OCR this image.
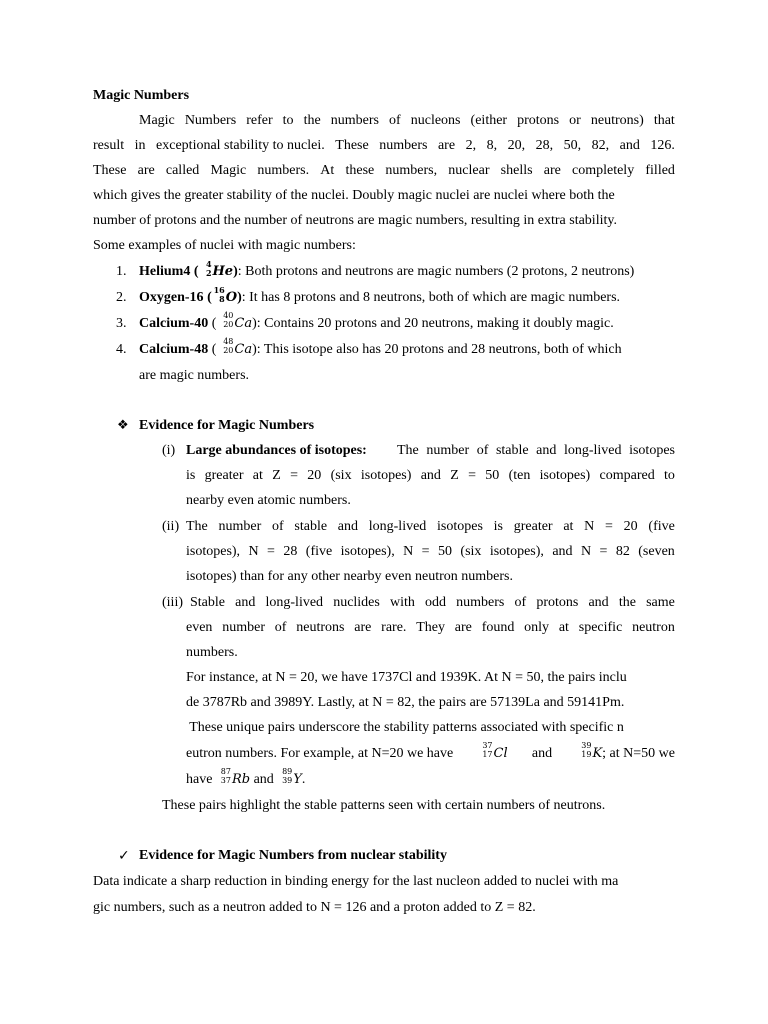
Magic Numbers
Magic Numbers refer to the numbers of nucleons (either protons or neutrons) that
result in exceptional stability to nuclei. These numbers are 2, 8, 20, 28, 50, 82, and 126.
These are called Magic numbers. At these numbers, nuclear shells are completely filled
which gives the greater stability of the nuclei. Doubly magic nuclei are nuclei where both the
number of protons and the number of neutrons are magic numbers, resulting in extra stability.
Some examples of nuclei with magic numbers:
1. Helium4 ( 4
2 He): Both protons and neutrons are magic numbers (2 protons, 2 neutrons)
2. Oxygen-16 ( 16
8 O): It has 8 protons and 8 neutrons, both of which are magic numbers.
3. Calcium-40 (
40
20 Ca): Contains 20 protons and 20 neutrons, making it doubly magic.
4. Calcium-48 (
48
20 Ca): This isotope also has 20 protons and 28 neutrons, both of which
are magic numbers.
❖ Evidence for Magic Numbers
(i) Large abundances of isotopes: The number of stable and long-lived isotopes
is greater at Z = 20 (six isotopes) and Z = 50 (ten isotopes) compared to
nearby even atomic numbers.
(ii) The number of stable and long-lived isotopes is greater at N = 20 (five
isotopes), N = 28 (five isotopes), N = 50 (six isotopes), and N = 82 (seven
isotopes) than for any other nearby even neutron numbers.
(iii) Stable and long-lived nuclides with odd numbers of protons and the same
even number of neutrons are rare. They are found only at specific neutron
numbers.
For instance, at N = 20, we have 1737Cl and 1939K. At N = 50, the pairs inclu
de 3787Rb and 3989Y. Lastly, at N = 82, the pairs are 57139La and 59141Pm.
These unique pairs underscore the stability patterns associated with specific n
eutron numbers. For example, at N=20 we have
37
17 Cl and
39
19 K; at N=50 we
have
87
37 Rb and
89
39 Y.
These pairs highlight the stable patterns seen with certain numbers of neutrons.
✓ Evidence for Magic Numbers from nuclear stability
Data indicate a sharp reduction in binding energy for the last nucleon added to nuclei with ma
gic numbers, such as a neutron added to N = 126 and a proton added to Z = 82.
